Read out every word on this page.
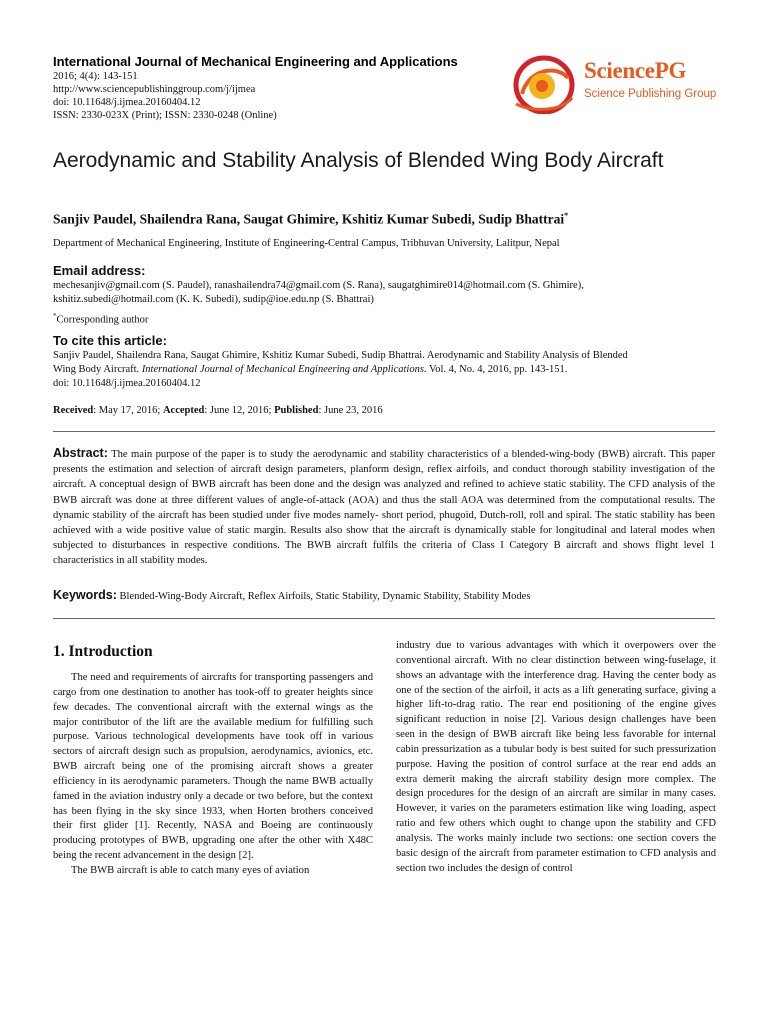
International Journal of Mechanical Engineering and Applications
2016; 4(4): 143-151
http://www.sciencepublishinggroup.com/j/ijmea
doi: 10.11648/j.ijmea.20160404.12
ISSN: 2330-023X (Print); ISSN: 2330-0248 (Online)
SciencePG
Science Publishing Group
Aerodynamic and Stability Analysis of Blended Wing Body Aircraft
Sanjiv Paudel, Shailendra Rana, Saugat Ghimire, Kshitiz Kumar Subedi, Sudip Bhattrai*
Department of Mechanical Engineering, Institute of Engineering-Central Campus, Tribhuvan University, Lalitpur, Nepal
Email address:
mechesanjiv@gmail.com (S. Paudel), ranashailendra74@gmail.com (S. Rana), saugatghimire014@hotmail.com (S. Ghimire),
kshitiz.subedi@hotmail.com (K. K. Subedi), sudip@ioe.edu.np (S. Bhattrai)
*Corresponding author
To cite this article:
Sanjiv Paudel, Shailendra Rana, Saugat Ghimire, Kshitiz Kumar Subedi, Sudip Bhattrai. Aerodynamic and Stability Analysis of Blended
Wing Body Aircraft. International Journal of Mechanical Engineering and Applications. Vol. 4, No. 4, 2016, pp. 143-151.
doi: 10.11648/j.ijmea.20160404.12
Received: May 17, 2016; Accepted: June 12, 2016; Published: June 23, 2016
Abstract: The main purpose of the paper is to study the aerodynamic and stability characteristics of a blended-wing-body (BWB) aircraft. This paper presents the estimation and selection of aircraft design parameters, planform design, reflex airfoils, and conduct thorough stability investigation of the aircraft. A conceptual design of BWB aircraft has been done and the design was analyzed and refined to achieve static stability. The CFD analysis of the BWB aircraft was done at three different values of angle-of-attack (AOA) and thus the stall AOA was determined from the computational results. The dynamic stability of the aircraft has been studied under five modes namely- short period, phugoid, Dutch-roll, roll and spiral. The static stability has been achieved with a wide positive value of static margin. Results also show that the aircraft is dynamically stable for longitudinal and lateral modes when subjected to disturbances in respective conditions. The BWB aircraft fulfils the criteria of Class I Category B aircraft and shows flight level 1 characteristics in all stability modes.
Keywords: Blended-Wing-Body Aircraft, Reflex Airfoils, Static Stability, Dynamic Stability, Stability Modes
1. Introduction

The need and requirements of aircrafts for transporting passengers and cargo from one destination to another has took-off to greater heights since few decades. The conventional aircraft with the external wings as the major contributor of the lift are the available medium for fulfilling such purpose. Various technological developments have took off in various sectors of aircraft design such as propulsion, aerodynamics, avionics, etc. BWB aircraft being one of the promising aircraft shows a greater efficiency in its aerodynamic parameters. Though the name BWB actually famed in the aviation industry only a decade or two before, but the context has been flying in the sky since 1933, when Horten brothers conceived their first glider [1]. Recently, NASA and Boeing are continuously producing prototypes of BWB, upgrading one after the other with X48C being the recent advancement in the design [2].

The BWB aircraft is able to catch many eyes of aviation

industry due to various advantages with which it overpowers over the conventional aircraft. With no clear distinction between wing-fuselage, it shows an advantage with the interference drag. Having the center body as one of the section of the airfoil, it acts as a lift generating surface, giving a higher lift-to-drag ratio. The rear end positioning of the engine gives significant reduction in noise [2]. Various design challenges have been seen in the design of BWB aircraft like being less favorable for internal cabin pressurization as a tubular body is best suited for such pressurization purpose. Having the position of control surface at the rear end adds an extra demerit making the aircraft stability design more complex. The design procedures for the design of an aircraft are similar in many cases. However, it varies on the parameters estimation like wing loading, aspect ratio and few others which ought to change upon the stability and CFD analysis. The works mainly include two sections: one section covers the basic design of the aircraft from parameter estimation to CFD analysis and section two includes the design of control
